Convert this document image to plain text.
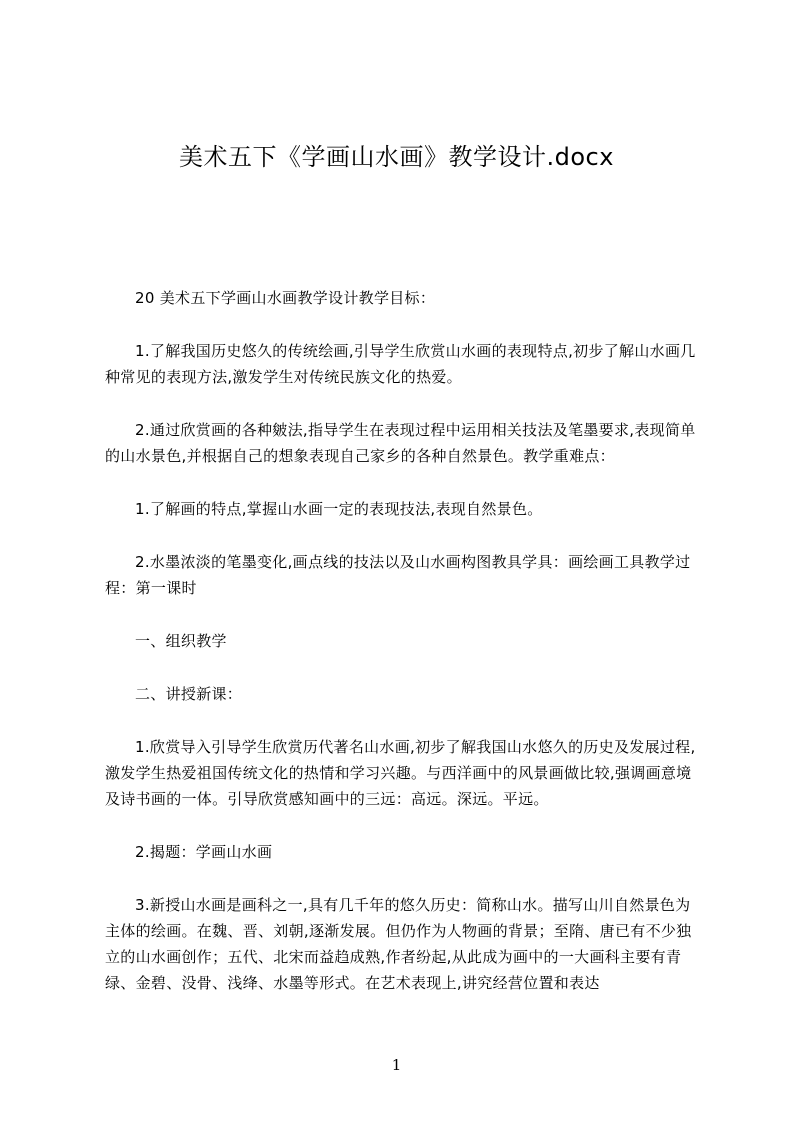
美术五下《学画山水画》教学设计.docx

20 美术五下学画山水画教学设计教学目标：

1.了解我国历史悠久的传统绘画,引导学生欣赏山水画的表现特点,初步了解山水画几种常见的表现方法,激发学生对传统民族文化的热爱。

2.通过欣赏画的各种皴法,指导学生在表现过程中运用相关技法及笔墨要求,表现简单的山水景色,并根据自己的想象表现自己家乡的各种自然景色。教学重难点：

1.了解画的特点,掌握山水画一定的表现技法,表现自然景色。

2.水墨浓淡的笔墨变化,画点线的技法以及山水画构图教具学具：画绘画工具教学过程：第一课时

一、组织教学

二、讲授新课：

1.欣赏导入引导学生欣赏历代著名山水画,初步了解我国山水悠久的历史及发展过程,激发学生热爱祖国传统文化的热情和学习兴趣。与西洋画中的风景画做比较,强调画意境及诗书画的一体。引导欣赏感知画中的三远：高远。深远。平远。

2.揭题：学画山水画

3.新授山水画是画科之一,具有几千年的悠久历史：简称山水。描写山川自然景色为主体的绘画。在魏、晋、刘朝,逐渐发展。但仍作为人物画的背景；至隋、唐已有不少独立的山水画创作；五代、北宋而益趋成熟,作者纷起,从此成为画中的一大画科主要有青绿、金碧、没骨、浅绛、水墨等形式。在艺术表现上,讲究经营位置和表达

1
